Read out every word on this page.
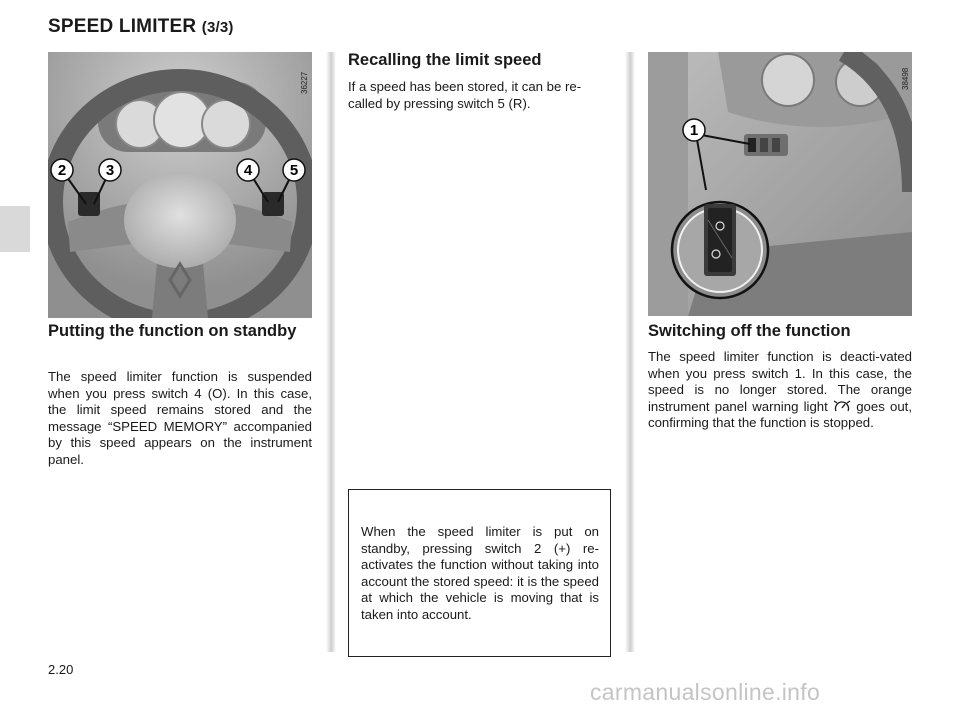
SPEED LIMITER (3/3)
2	3	4	5
36227
1
38498
Putting the function on standby

The speed limiter function is suspended when you press switch 4 (O). In this case, the limit speed remains stored and the message “SPEED MEMORY” accompanied by this speed appears on the instrument panel.

Recalling the limit speed

If a speed has been stored, it can be re-called by pressing switch 5 (R).

When the speed limiter is put on standby, pressing switch 2 (+) re-activates the function without taking into account the stored speed: it is the speed at which the vehicle is moving that is taken into account.

Switching off the function

The speed limiter function is deacti-vated when you press switch 1. In this case, the speed is no longer stored. The orange instrument panel warning light goes out, confirming that the function is stopped.

2.20
carmanualsonline.info
